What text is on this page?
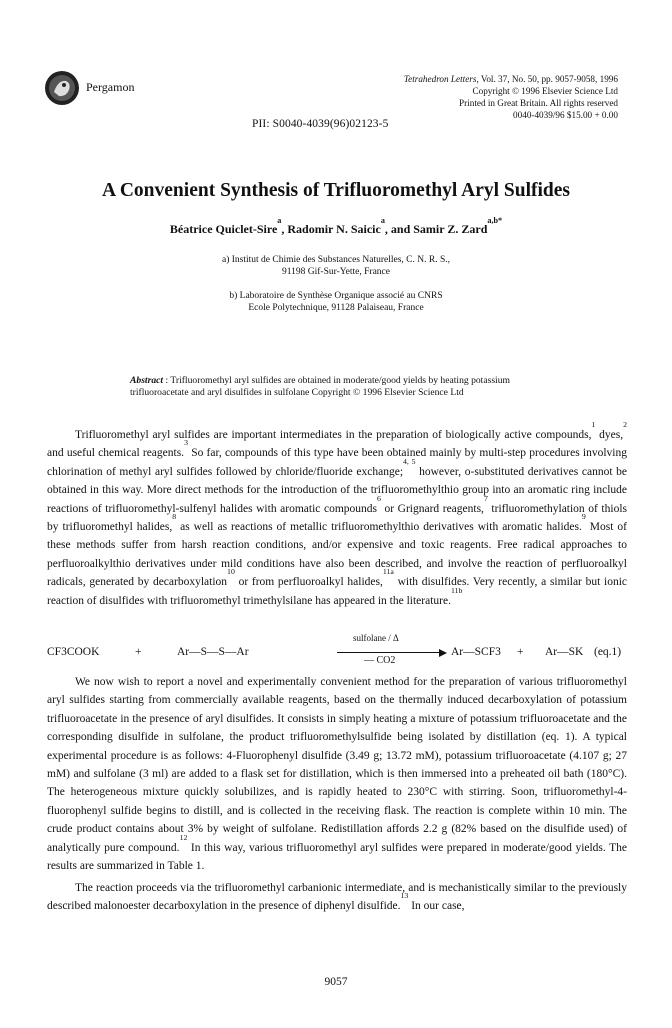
Pergamon
Tetrahedron Letters, Vol. 37, No. 50, pp. 9057-9058, 1996
Copyright © 1996 Elsevier Science Ltd
Printed in Great Britain. All rights reserved
0040-4039/96 $15.00 + 0.00
PII: S0040-4039(96)02123-5
A Convenient Synthesis of Trifluoromethyl Aryl Sulfides
Béatrice Quiclet-Sire$^a$, Radomir N. Saicic$^a$, and Samir Z. Zard$^{a,b*}$
a) Institut de Chimie des Substances Naturelles, C. N. R. S.,
91198 Gif-Sur-Yette, France
b) Laboratoire de Synthèse Organique associé au CNRS
Ecole Polytechnique, 91128 Palaiseau, France
Abstract : Trifluoromethyl aryl sulfides are obtained in moderate/good yields by heating potassium trifluoroacetate and aryl disulfides in sulfolane Copyright © 1996 Elsevier Science Ltd

Trifluoromethyl aryl sulfides are important intermediates in the preparation of biologically active compounds,$^1$ dyes,$^2$ and useful chemical reagents.$^3$ So far, compounds of this type have been obtained mainly by multi-step procedures involving chlorination of methyl aryl sulfides followed by chloride/fluoride exchange;$^{4, 5}$ however, o-substituted derivatives cannot be obtained in this way. More direct methods for the introduction of the trifluoromethylthio group into an aromatic ring include reactions of trifluoromethyl-sulfenyl halides with aromatic compounds$^6$ or Grignard reagents,$^7$ trifluoromethylation of thiols by trifluoromethyl halides,$^8$ as well as reactions of metallic trifluoromethylthio derivatives with aromatic halides.$^9$ Most of these methods suffer from harsh reaction conditions, and/or expensive and toxic reagents. Free radical approaches to perfluoroalkylthio derivatives under mild conditions have also been described, and involve the reaction of perfluoroalkyl radicals, generated by decarboxylation$^{10}$ or from perfluoroalkyl halides,$^{11a}$ with disulfides. Very recently, a similar but ionic reaction of disulfides with trifluoromethyl trimethylsilane has appeared in the literature.$^{11b}$

CF3COOK	+	Ar—S—S—Ar
sulfolane / Δ
— CO2
Ar—SCF3 + Ar—SK (eq.1)

We now wish to report a novel and experimentally convenient method for the preparation of various trifluoromethyl aryl sulfides starting from commercially available reagents, based on the thermally induced decarboxylation of potassium trifluoroacetate in the presence of aryl disulfides. It consists in simply heating a mixture of potassium trifluoroacetate and the corresponding disulfide in sulfolane, the product trifluoromethylsulfide being isolated by distillation (eq. 1). A typical experimental procedure is as follows: 4-Fluorophenyl disulfide (3.49 g; 13.72 mM), potassium trifluoroacetate (4.107 g; 27 mM) and sulfolane (3 ml) are added to a flask set for distillation, which is then immersed into a preheated oil bath (180°C). The heterogeneous mixture quickly solubilizes, and is rapidly heated to 230°C with stirring. Soon, trifluoromethyl-4-fluorophenyl sulfide begins to distill, and is collected in the receiving flask. The reaction is complete within 10 min. The crude product contains about 3% by weight of sulfolane. Redistillation affords 2.2 g (82% based on the disulfide used) of analytically pure compound.$^{12}$ In this way, various trifluoromethyl aryl sulfides were prepared in moderate/good yields. The results are summarized in Table 1.

The reaction proceeds via the trifluoromethyl carbanionic intermediate, and is mechanistically similar to the previously described malonoester decarboxylation in the presence of diphenyl disulfide.$^{13}$ In our case,

9057
